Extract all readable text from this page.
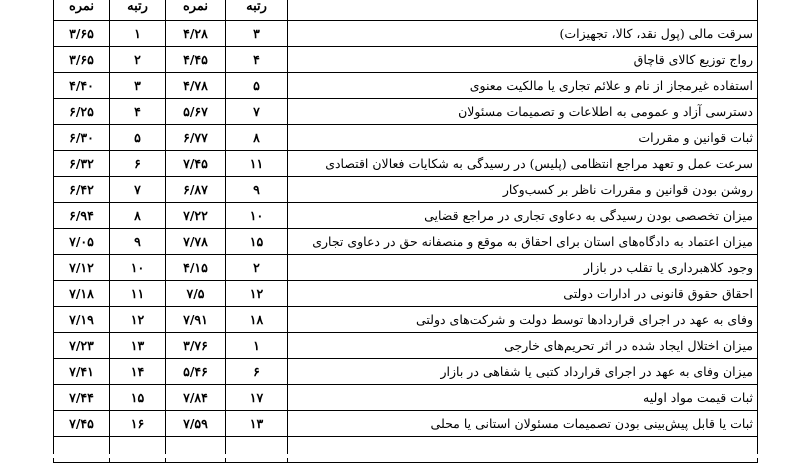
	رتبه	نمره	رتبه	نمره
سرقت مالی (پول نقد، کالا، تجهیزات)	۳	۴/۲۸	۱	۳/۶۵
رواج توزیع کالای قاچاق	۴	۴/۴۵	۲	۳/۶۵
استفاده غیرمجاز از نام و علائم تجاری یا مالکیت معنوی	۵	۴/۷۸	۳	۴/۴۰
دسترسی آزاد و عمومی به اطلاعات و تصمیمات مسئولان	۷	۵/۶۷	۴	۶/۲۵
ثبات قوانین و مقررات	۸	۶/۷۷	۵	۶/۳۰
سرعت عمل و تعهد مراجع انتظامی (پلیس) در رسیدگی به شکایات فعالان اقتصادی	۱۱	۷/۴۵	۶	۶/۳۲
روشن بودن قوانین و مقررات ناظر بر کسب‌وکار	۹	۶/۸۷	۷	۶/۴۲
میزان تخصصی بودن رسیدگی به دعاوی تجاری در مراجع قضایی	۱۰	۷/۲۲	۸	۶/۹۴
میزان اعتماد به دادگاه‌های استان برای احقاق به موقع و منصفانه حق در دعاوی تجاری	۱۵	۷/۷۸	۹	۷/۰۵
وجود کلاهبرداری یا تقلب در بازار	۲	۴/۱۵	۱۰	۷/۱۲
احقاق حقوق قانونی در ادارات دولتی	۱۲	۷/۵	۱۱	۷/۱۸
وفای به عهد در اجرای قراردادها توسط دولت و شرکت‌های دولتی	۱۸	۷/۹۱	۱۲	۷/۱۹
میزان اختلال ایجاد شده در اثر تحریم‌های خارجی	۱	۳/۷۶	۱۳	۷/۲۳
میزان وفای به عهد در اجرای قرارداد کتبی یا شفاهی در بازار	۶	۵/۴۶	۱۴	۷/۴۱
ثبات قیمت مواد اولیه	۱۷	۷/۸۴	۱۵	۷/۴۴
ثبات یا قابل پیش‌بینی بودن تصمیمات مسئولان استانی یا محلی	۱۳	۷/۵۹	۱۶	۷/۴۵
